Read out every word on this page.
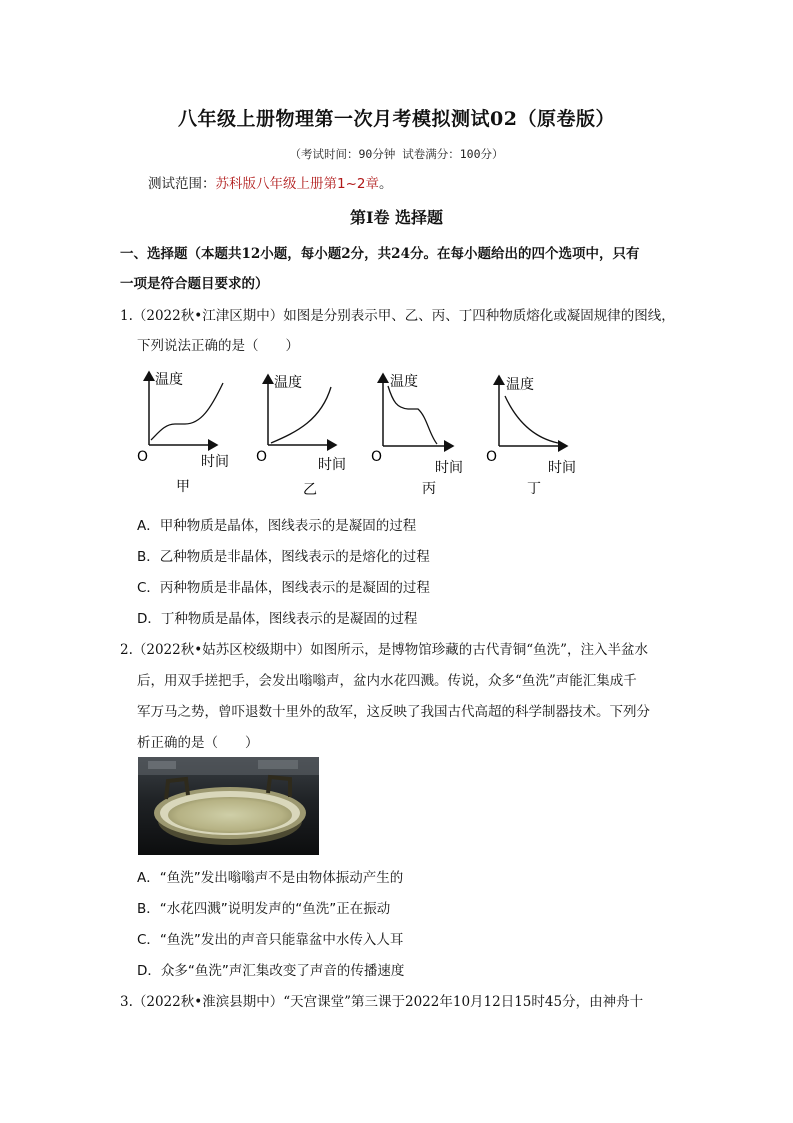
八年级上册物理第一次月考模拟测试02（原卷版）
（考试时间：90分钟 试卷满分：100分）
测试范围：苏科版八年级上册第1~2章。
第Ⅰ卷 选择题
一、选择题（本题共12小题，每小题2分，共24分。在每小题给出的四个选项中，只有
一项是符合题目要求的）
1.（2022秋•江津区期中）如图是分别表示甲、乙、丙、丁四种物质熔化或凝固规律的图线，
下列说法正确的是（　　）
温度
O	时间
甲
温度
O	时间
乙
温度
O
时间
丙
温度
O
时间
丁
A．甲种物质是晶体，图线表示的是凝固的过程
B．乙种物质是非晶体，图线表示的是熔化的过程
C．丙种物质是非晶体，图线表示的是凝固的过程
D．丁种物质是晶体，图线表示的是凝固的过程
2.（2022秋•姑苏区校级期中）如图所示，是博物馆珍藏的古代青铜“鱼洗”，注入半盆水
后，用双手搓把手，会发出嗡嗡声，盆内水花四溅。传说，众多“鱼洗”声能汇集成千
军万马之势，曾吓退数十里外的敌军，这反映了我国古代高超的科学制器技术。下列分
析正确的是（　　）
A．“鱼洗”发出嗡嗡声不是由物体振动产生的
B．“水花四溅”说明发声的“鱼洗”正在振动
C．“鱼洗”发出的声音只能靠盆中水传入人耳
D．众多“鱼洗”声汇集改变了声音的传播速度
3.（2022秋•淮滨县期中）“天宫课堂”第三课于2022年10月12日15时45分，由神舟十
